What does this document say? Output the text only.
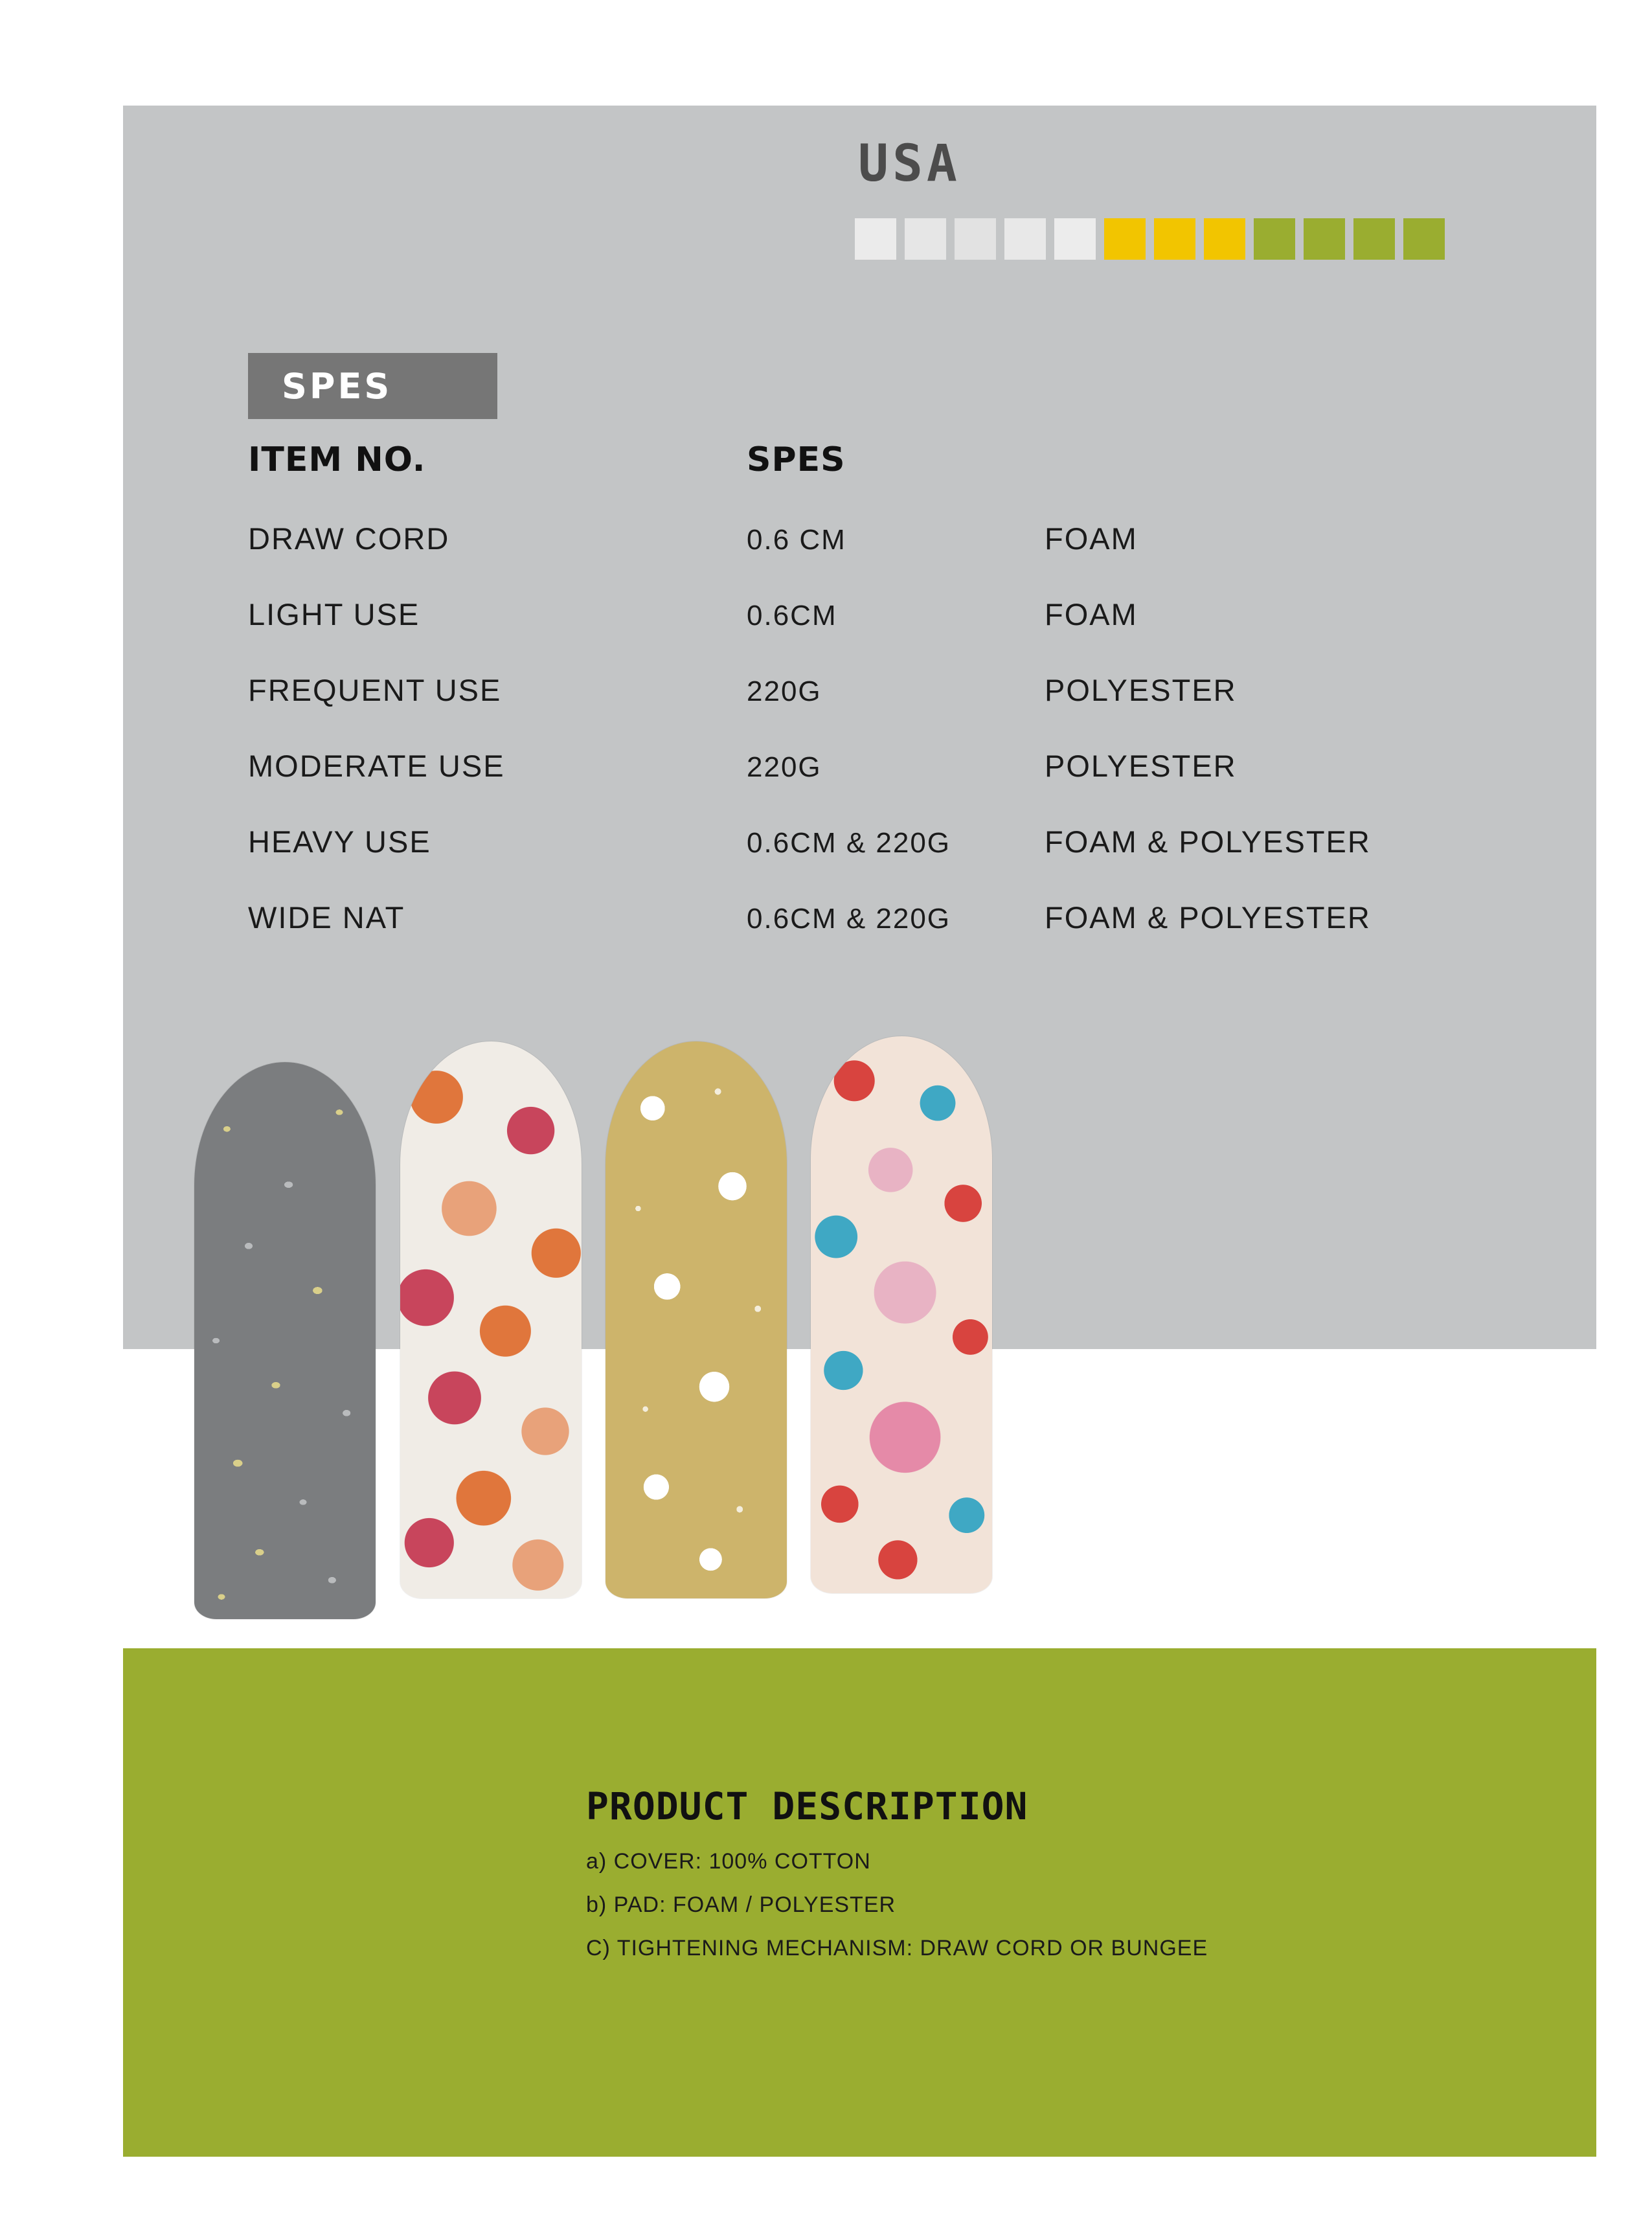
USA
SPES
ITEM NO.	SPES
DRAW CORD	0.6 CM	FOAM
LIGHT USE	0.6CM	FOAM
FREQUENT USE	220G	POLYESTER
MODERATE USE	220G	POLYESTER
HEAVY USE	0.6CM & 220G	FOAM & POLYESTER
WIDE NAT	0.6CM & 220G	FOAM & POLYESTER
PRODUCT DESCRIPTION
a) COVER: 100% COTTON
b) PAD: FOAM / POLYESTER
C) TIGHTENING MECHANISM: DRAW CORD OR BUNGEE
